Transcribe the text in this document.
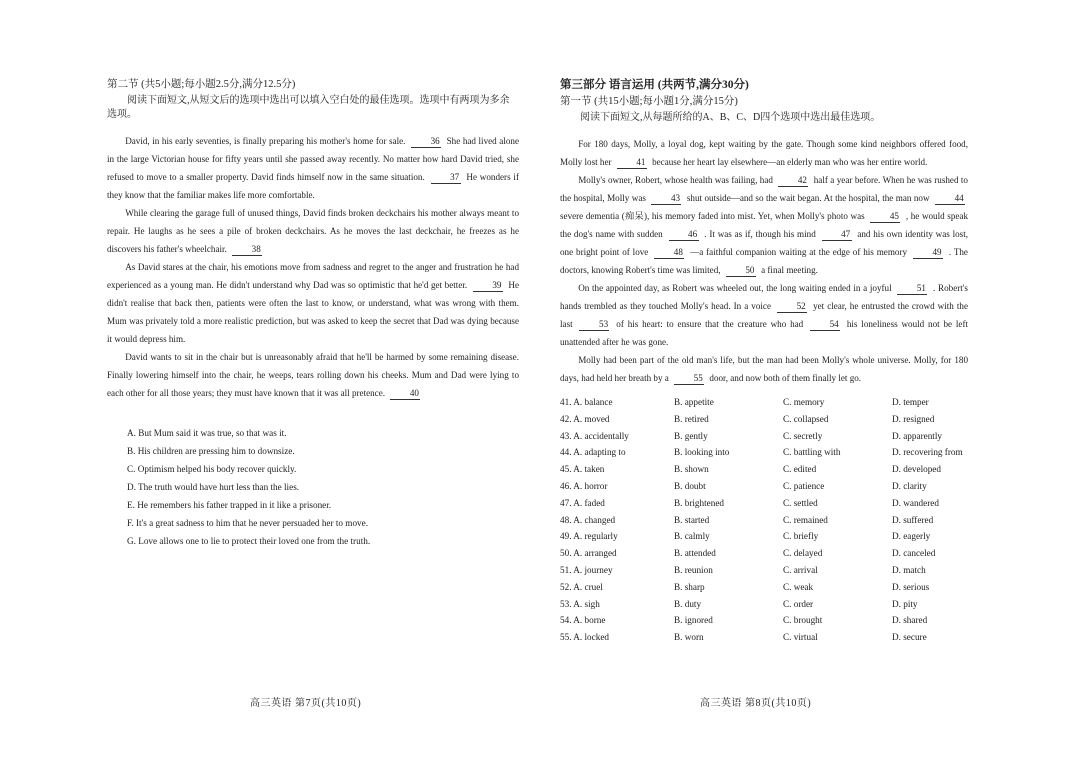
第二节 (共5小题;每小题2.5分,满分12.5分)

阅读下面短文,从短文后的选项中选出可以填入空白处的最佳选项。选项中有两项为多余选项。

David, in his early seventies, is finally preparing his mother's home for sale.	36 She had lived alone in the large Victorian house for fifty years until she passed away recently. No matter how hard David tried, she refused to move to a smaller property. David finds himself now in the same situation.	37 He wonders if they know that the familiar makes life more comfortable.

While clearing the garage full of unused things, David finds broken deckchairs his mother always meant to repair. He laughs as he sees a pile of broken deckchairs. As he moves the last deckchair, he freezes as he discovers his father's wheelchair.	38

As David stares at the chair, his emotions move from sadness and regret to the anger and frustration he had experienced as a young man. He didn't understand why Dad was so optimistic that he'd get better.	39 He didn't realise that back then, patients were often the last to know, or understand, what was wrong with them. Mum was privately told a more realistic prediction, but was asked to keep the secret that Dad was dying because it would depress him.

David wants to sit in the chair but is unreasonably afraid that he'll be harmed by some remaining disease. Finally lowering himself into the chair, he weeps, tears rolling down his cheeks. Mum and Dad were lying to each other for all those years; they must have known that it was all pretence.	40

A. But Mum said it was true, so that was it.
B. His children are pressing him to downsize.
C. Optimism helped his body recover quickly.
D. The truth would have hurt less than the lies.
E. He remembers his father trapped in it like a prisoner.
F. It's a great sadness to him that he never persuaded her to move.
G. Love allows one to lie to protect their loved one from the truth.
高三英语 第7页(共10页)

第三部分 语言运用 (共两节,满分30分)

第一节 (共15小题;每小题1分,满分15分)

阅读下面短文,从每题所给的A、B、C、D四个选项中选出最佳选项。

For 180 days, Molly, a loyal dog, kept waiting by the gate. Though some kind neighbors offered food, Molly lost her	41 because her heart lay elsewhere—an elderly man who was her entire world.

Molly's owner, Robert, whose health was failing, had	42 half a year before. When he was rushed to the hospital, Molly was	43 shut outside—and so the wait began. At the hospital, the man now	44 severe dementia (痴呆), his memory faded into mist. Yet, when Molly's photo was	45 , he would speak the dog's name with sudden	46 . It was as if, though his mind	47 and his own identity was lost, one bright point of love	48 —a faithful companion waiting at the edge of his memory	49 . The doctors, knowing Robert's time was limited,	50 a final meeting.

On the appointed day, as Robert was wheeled out, the long waiting ended in a joyful	51 . Robert's hands trembled as they touched Molly's head. In a voice	52 yet clear, he entrusted the crowd with the last	53 of his heart: to ensure that the creature who had	54 his loneliness would not be left unattended after he was gone.

Molly had been part of the old man's life, but the man had been Molly's whole universe. Molly, for 180 days, had held her breath by a	55 door, and now both of them finally let go.

41. A. balance	B. appetite	C. memory	D. temper
42. A. moved	B. retired	C. collapsed	D. resigned
43. A. accidentally	B. gently	C. secretly	D. apparently
44. A. adapting to	B. looking into	C. battling with	D. recovering from
45. A. taken	B. shown	C. edited	D. developed
46. A. horror	B. doubt	C. patience	D. clarity
47. A. faded	B. brightened	C. settled	D. wandered
48. A. changed	B. started	C. remained	D. suffered
49. A. regularly	B. calmly	C. briefly	D. eagerly
50. A. arranged	B. attended	C. delayed	D. canceled
51. A. journey	B. reunion	C. arrival	D. match
52. A. cruel	B. sharp	C. weak	D. serious
53. A. sigh	B. duty	C. order	D. pity
54. A. borne	B. ignored	C. brought	D. shared
55. A. locked	B. worn	C. virtual	D. secure
高三英语 第8页(共10页)
